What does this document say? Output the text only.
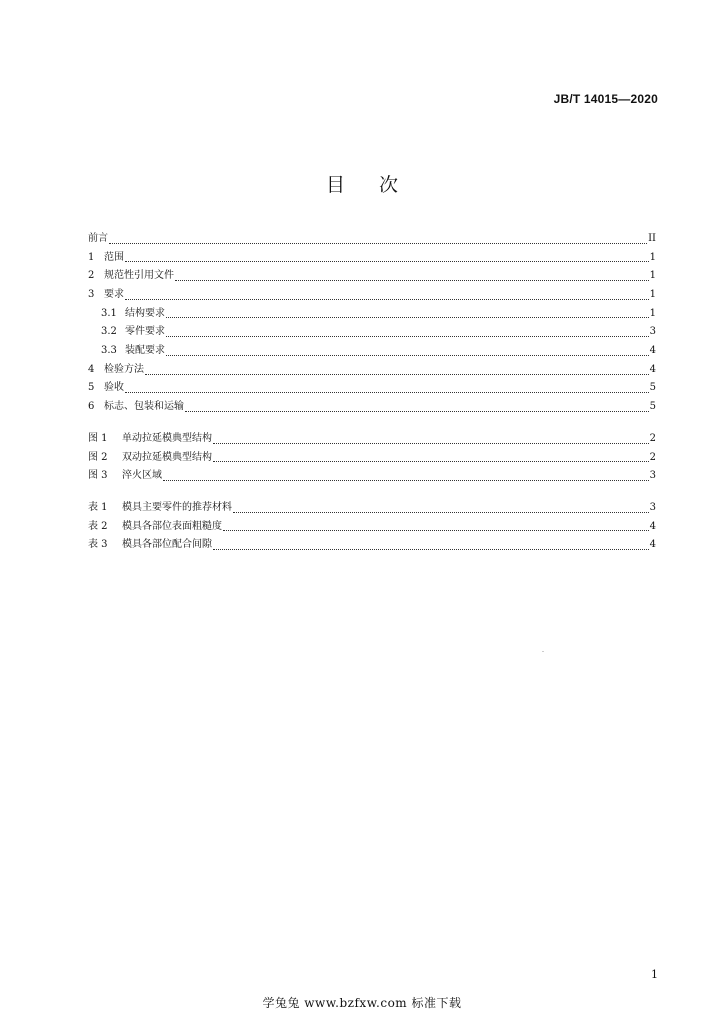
JB/T 14015—2020
目 次
前言	II
1 范围	1
2 规范性引用文件	1
3 要求	1
3.1 结构要求	1
3.2 零件要求	3
3.3 装配要求	4
4 检验方法	4
5 验收	5
6 标志、包装和运输	5
图 1	单动拉延模典型结构	2
图 2	双动拉延模典型结构	2
图 3	淬火区域	3
表 1	模具主要零件的推荐材料	3
表 2	模具各部位表面粗糙度	4
表 3	模具各部位配合间隙	4
1
学兔兔 www.bzfxw.com 标准下载
